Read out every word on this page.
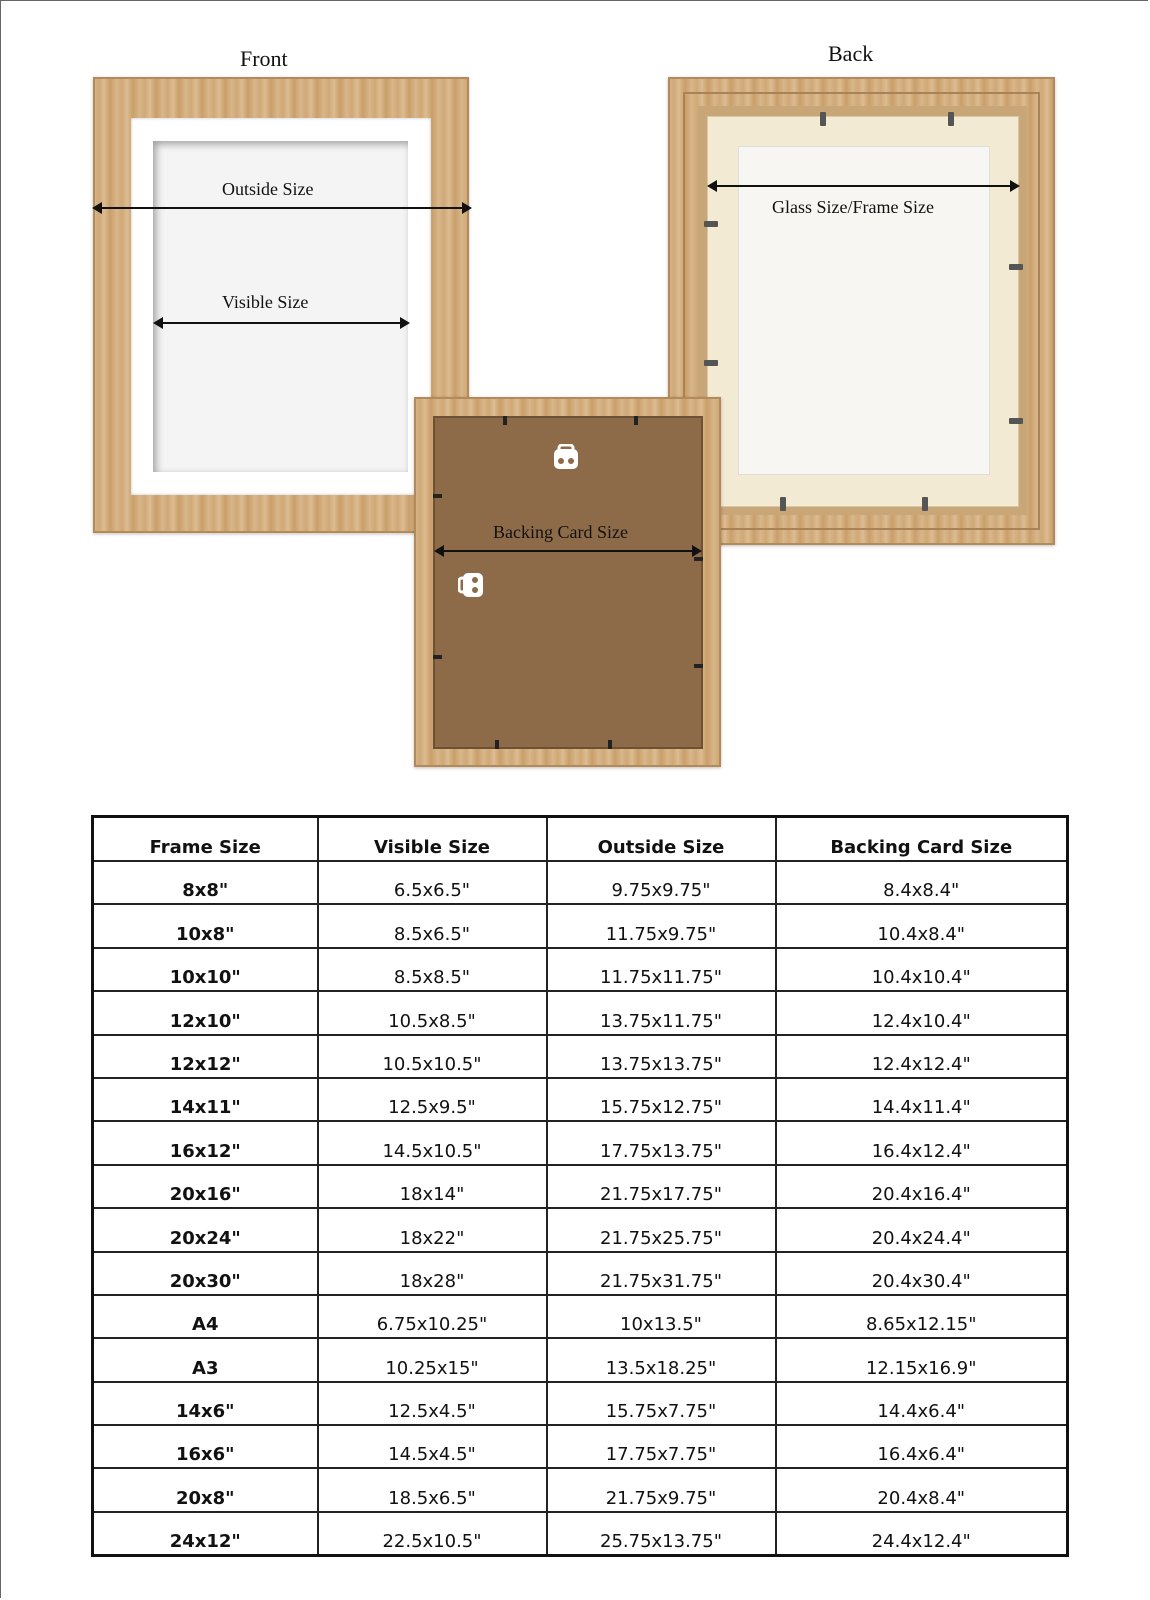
Front
Outside Size
Visible Size
Back
Glass Size/Frame Size
Backing Card Size
Frame Size	Visible Size	Outside Size	Backing Card Size
8x8"	6.5x6.5"	9.75x9.75"	8.4x8.4"
10x8"	8.5x6.5"	11.75x9.75"	10.4x8.4"
10x10"	8.5x8.5"	11.75x11.75"	10.4x10.4"
12x10"	10.5x8.5"	13.75x11.75"	12.4x10.4"
12x12"	10.5x10.5"	13.75x13.75"	12.4x12.4"
14x11"	12.5x9.5"	15.75x12.75"	14.4x11.4"
16x12"	14.5x10.5"	17.75x13.75"	16.4x12.4"
20x16"	18x14"	21.75x17.75"	20.4x16.4"
20x24"	18x22"	21.75x25.75"	20.4x24.4"
20x30"	18x28"	21.75x31.75"	20.4x30.4"
A4	6.75x10.25"	10x13.5"	8.65x12.15"
A3	10.25x15"	13.5x18.25"	12.15x16.9"
14x6"	12.5x4.5"	15.75x7.75"	14.4x6.4"
16x6"	14.5x4.5"	17.75x7.75"	16.4x6.4"
20x8"	18.5x6.5"	21.75x9.75"	20.4x8.4"
24x12"	22.5x10.5"	25.75x13.75"	24.4x12.4"
